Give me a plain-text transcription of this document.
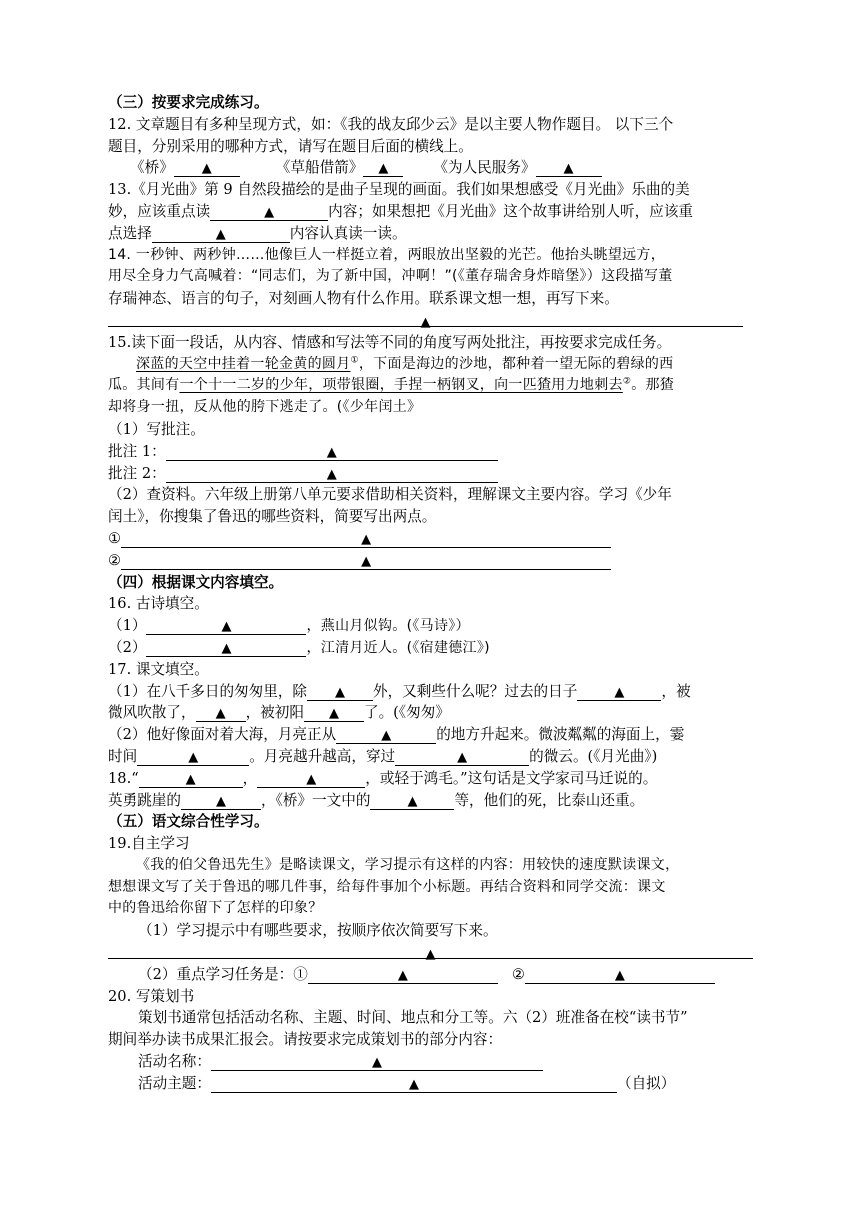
（三）按要求完成练习。
12. 文章题目有多种呈现方式，如：《我的战友邱少云》是以主要人物作题目。 以下三个
题目，分别采用的哪种方式，请写在题目后面的横线上。
《桥》 ▲	《草船借箭》 ▲	《为人民服务》 ▲
13.《月光曲》第 9 自然段描绘的是曲子呈现的画面。我们如果想感受《月光曲》乐曲的美
妙，应该重点读	▲	内容；如果想把《月光曲》这个故事讲给别人听，应该重
点选择	▲	内容认真读一读。
14. 一秒钟、两秒钟……他像巨人一样挺立着，两眼放出坚毅的光芒。他抬头眺望远方，
用尽全身力气高喊着：“同志们，为了新中国，冲啊！”(《董存瑞舍身炸暗堡》）这段描写董
存瑞神态、语言的句子，对刻画人物有什么作用。联系课文想一想，再写下来。
▲
15.读下面一段话，从内容、情感和写法等不同的角度写两处批注，再按要求完成任务。
深蓝的天空中挂着一轮金黄的圆月①，下面是海边的沙地，都种着一望无际的碧绿的西
瓜。其间有一个十一二岁的少年，项带银圈，手捏一柄钢叉，向一匹猹用力地刺去②。那猹
却将身一扭，反从他的胯下逃走了。(《少年闰土》
（1）写批注。
批注 1：	▲
批注 2：	▲
（2）查资料。六年级上册第八单元要求借助相关资料，理解课文主要内容。学习《少年
闰土》，你搜集了鲁迅的哪些资料，简要写出两点。
①	▲
②	▲
（四）根据课文内容填空。
16. 古诗填空。
（1）	▲	，燕山月似钩。(《马诗》）
（2）	▲	，江清月近人。(《宿建德江》)
17. 课文填空。
（1）在八千多日的匆匆里，除 ▲ 外，又剩些什么呢？过去的日子	▲	，被
微风吹散了， ▲ ，被初阳 ▲ 了。(《匆匆》
（2）他好像面对着大海，月亮正从	▲	的地方升起来。微波粼粼的海面上，霎
时间	▲	。月亮越升越高，穿过	▲	的微云。(《月光曲》)
18.“	▲	，	▲	，或轻于鸿毛。”这句话是文学家司马迁说的。
英勇跳崖的	▲ ，《桥》一文中的	▲	等，他们的死，比泰山还重。
（五）语文综合性学习。
19.自主学习
《我的伯父鲁迅先生》是略读课文，学习提示有这样的内容：用较快的速度默读课文，
想想课文写了关于鲁迅的哪几件事，给每件事加个小标题。再结合资料和同学交流：课文
中的鲁迅给你留下了怎样的印象？
（1）学习提示中有哪些要求，按顺序依次简要写下来。
▲
（2）重点学习任务是：①	▲	②	▲
20. 写策划书
策划书通常包括活动名称、主题、时间、地点和分工等。六（2）班准备在校“读书节”
期间举办读书成果汇报会。请按要求完成策划书的部分内容：
活动名称：	▲
活动主题：	▲	（自拟）
